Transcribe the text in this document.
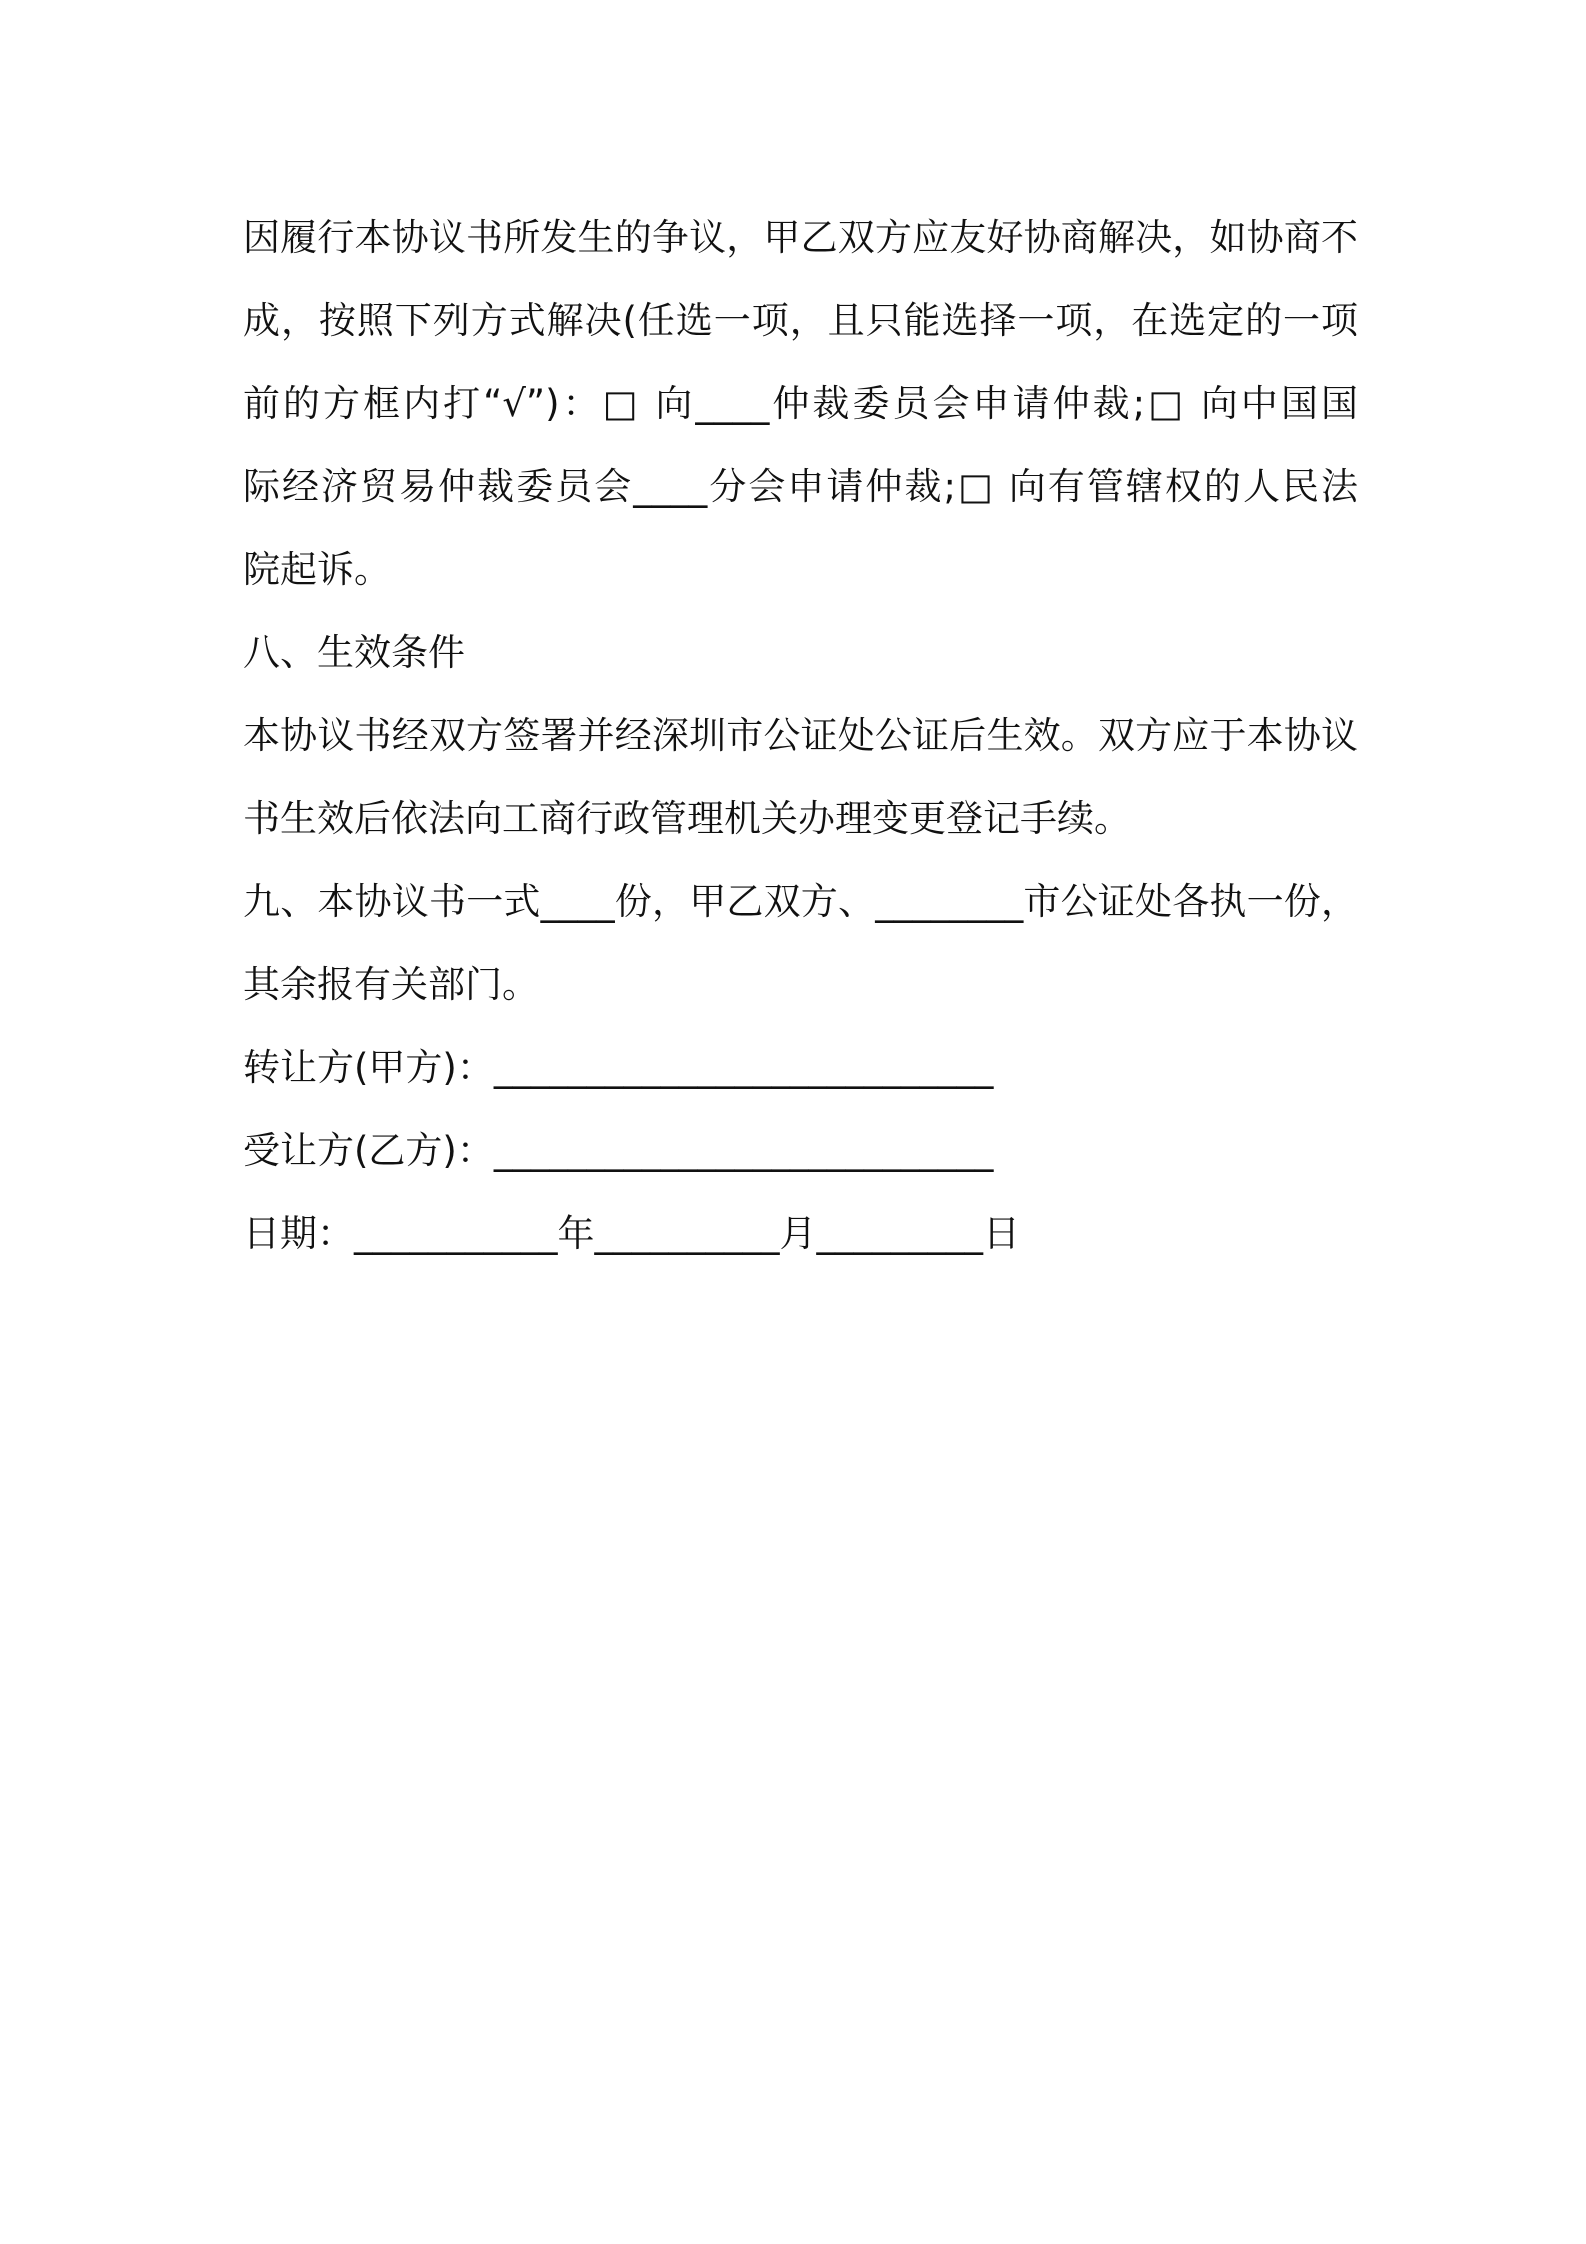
因履行本协议书所发生的争议，甲乙双方应友好协商解决，如协商不
成，按照下列方式解决(任选一项，且只能选择一项，在选定的一项
前的方框内打“√”)：□ 向____仲裁委员会申请仲裁;□ 向中国国
际经济贸易仲裁委员会____分会申请仲裁;□ 向有管辖权的人民法
院起诉。
八、生效条件
本协议书经双方签署并经深圳市公证处公证后生效。双方应于本协议
书生效后依法向工商行政管理机关办理变更登记手续。
九、本协议书一式____份，甲乙双方、________市公证处各执一份，
其余报有关部门。
转让方(甲方)：___________________________
受让方(乙方)：___________________________
日期：___________年__________月_________日
